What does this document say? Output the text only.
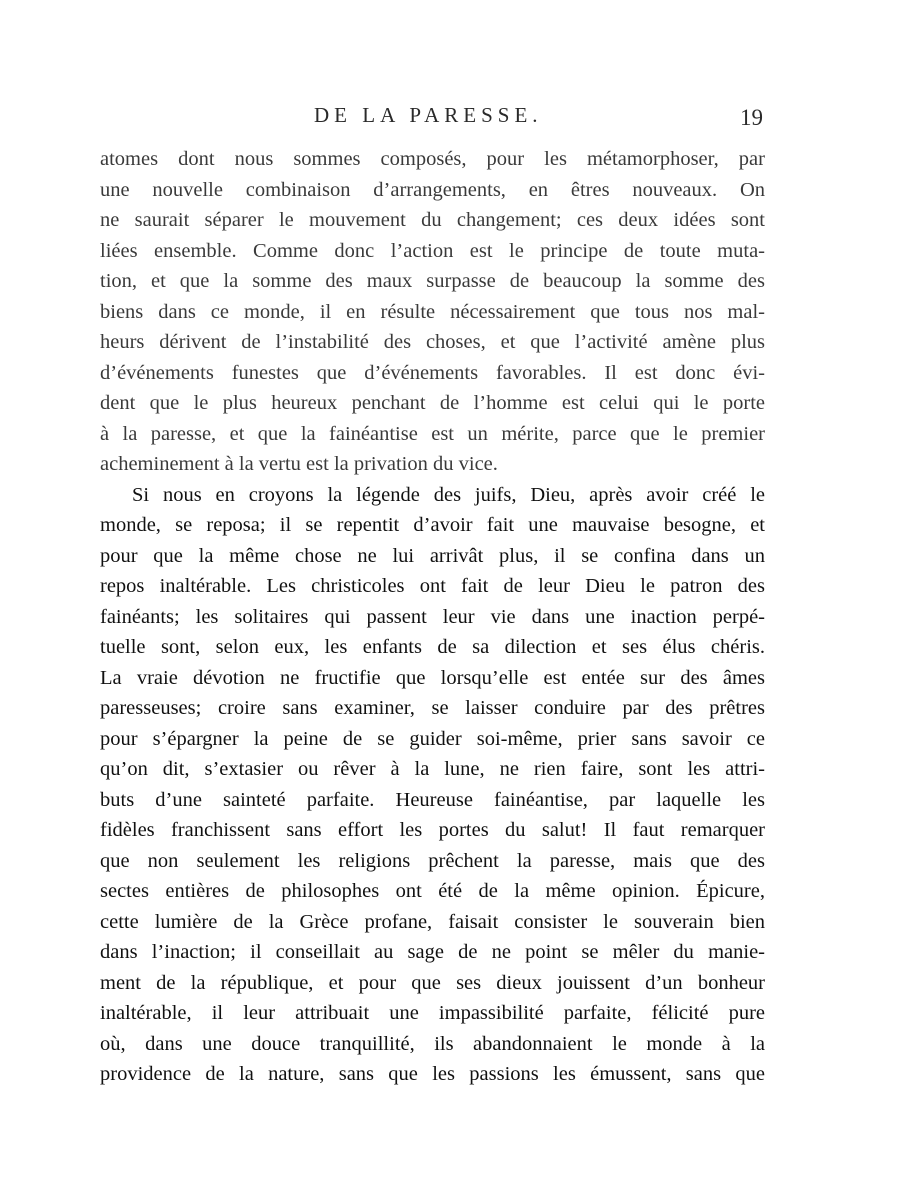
DE LA PARESSE.	19
atomes dont nous sommes composés, pour les métamorphoser, par
une nouvelle combinaison d’arrangements, en êtres nouveaux. On
ne saurait séparer le mouvement du changement; ces deux idées sont
liées ensemble. Comme donc l’action est le principe de toute muta-
tion, et que la somme des maux surpasse de beaucoup la somme des
biens dans ce monde, il en résulte nécessairement que tous nos mal-
heurs dérivent de l’instabilité des choses, et que l’activité amène plus
d’événements funestes que d’événements favorables. Il est donc évi-
dent que le plus heureux penchant de l’homme est celui qui le porte
à la paresse, et que la fainéantise est un mérite, parce que le premier
acheminement à la vertu est la privation du vice.
Si nous en croyons la légende des juifs, Dieu, après avoir créé le
monde, se reposa; il se repentit d’avoir fait une mauvaise besogne, et
pour que la même chose ne lui arrivât plus, il se confina dans un
repos inaltérable. Les christicoles ont fait de leur Dieu le patron des
fainéants; les solitaires qui passent leur vie dans une inaction perpé-
tuelle sont, selon eux, les enfants de sa dilection et ses élus chéris.
La vraie dévotion ne fructifie que lorsqu’elle est entée sur des âmes
paresseuses; croire sans examiner, se laisser conduire par des prêtres
pour s’épargner la peine de se guider soi-même, prier sans savoir ce
qu’on dit, s’extasier ou rêver à la lune, ne rien faire, sont les attri-
buts d’une sainteté parfaite. Heureuse fainéantise, par laquelle les
fidèles franchissent sans effort les portes du salut! Il faut remarquer
que non seulement les religions prêchent la paresse, mais que des
sectes entières de philosophes ont été de la même opinion. Épicure,
cette lumière de la Grèce profane, faisait consister le souverain bien
dans l’inaction; il conseillait au sage de ne point se mêler du manie-
ment de la république, et pour que ses dieux jouissent d’un bonheur
inaltérable, il leur attribuait une impassibilité parfaite, félicité pure
où, dans une douce tranquillité, ils abandonnaient le monde à la
providence de la nature, sans que les passions les émussent, sans que
